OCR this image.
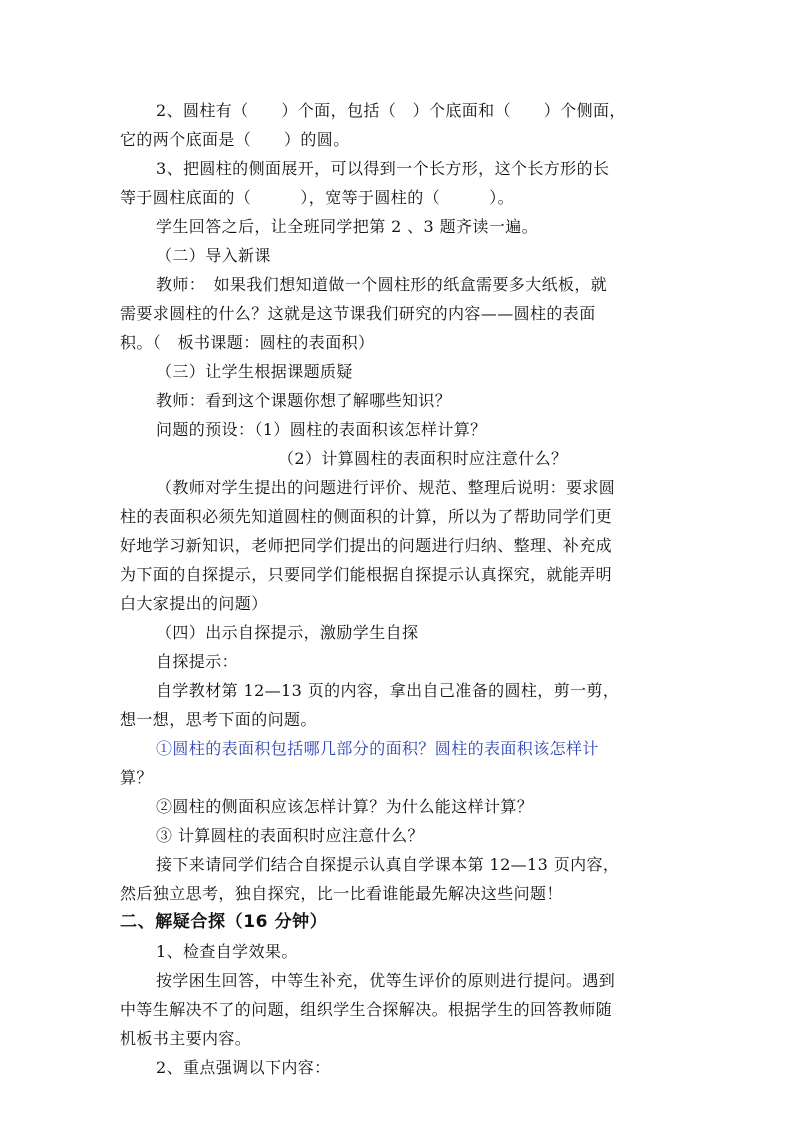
2、圆柱有（　　）个面，包括（　）个底面和（　　）个侧面，
它的两个底面是（　　）的圆。
3、把圆柱的侧面展开，可以得到一个长方形，这个长方形的长
等于圆柱底面的（　　　），宽等于圆柱的（　　　）。
学生回答之后，让全班同学把第 2 、3 题齐读一遍。
（二）导入新课
教师：　如果我们想知道做一个圆柱形的纸盒需要多大纸板，就
需要求圆柱的什么？这就是这节课我们研究的内容——圆柱的表面
积。（　板书课题：圆柱的表面积）
（三）让学生根据课题质疑
教师：看到这个课题你想了解哪些知识？
问题的预设：（1）圆柱的表面积该怎样计算？
（2）计算圆柱的表面积时应注意什么？
（教师对学生提出的问题进行评价、规范、整理后说明：要求圆
柱的表面积必须先知道圆柱的侧面积的计算，所以为了帮助同学们更
好地学习新知识，老师把同学们提出的问题进行归纳、整理、补充成
为下面的自探提示，只要同学们能根据自探提示认真探究，就能弄明
白大家提出的问题）
（四）出示自探提示，激励学生自探
自探提示：
自学教材第 12—13 页的内容，拿出自己准备的圆柱，剪一剪，
想一想，思考下面的问题。
①圆柱的表面积包括哪几部分的面积？圆柱的表面积该怎样计
算？
②圆柱的侧面积应该怎样计算？为什么能这样计算？
③ 计算圆柱的表面积时应注意什么？
接下来请同学们结合自探提示认真自学课本第 12—13 页内容，
然后独立思考，独自探究，比一比看谁能最先解决这些问题！
二、解疑合探（16 分钟）
1、检查自学效果。
按学困生回答，中等生补充，优等生评价的原则进行提问。遇到
中等生解决不了的问题，组织学生合探解决。根据学生的回答教师随
机板书主要内容。
2、重点强调以下内容：
